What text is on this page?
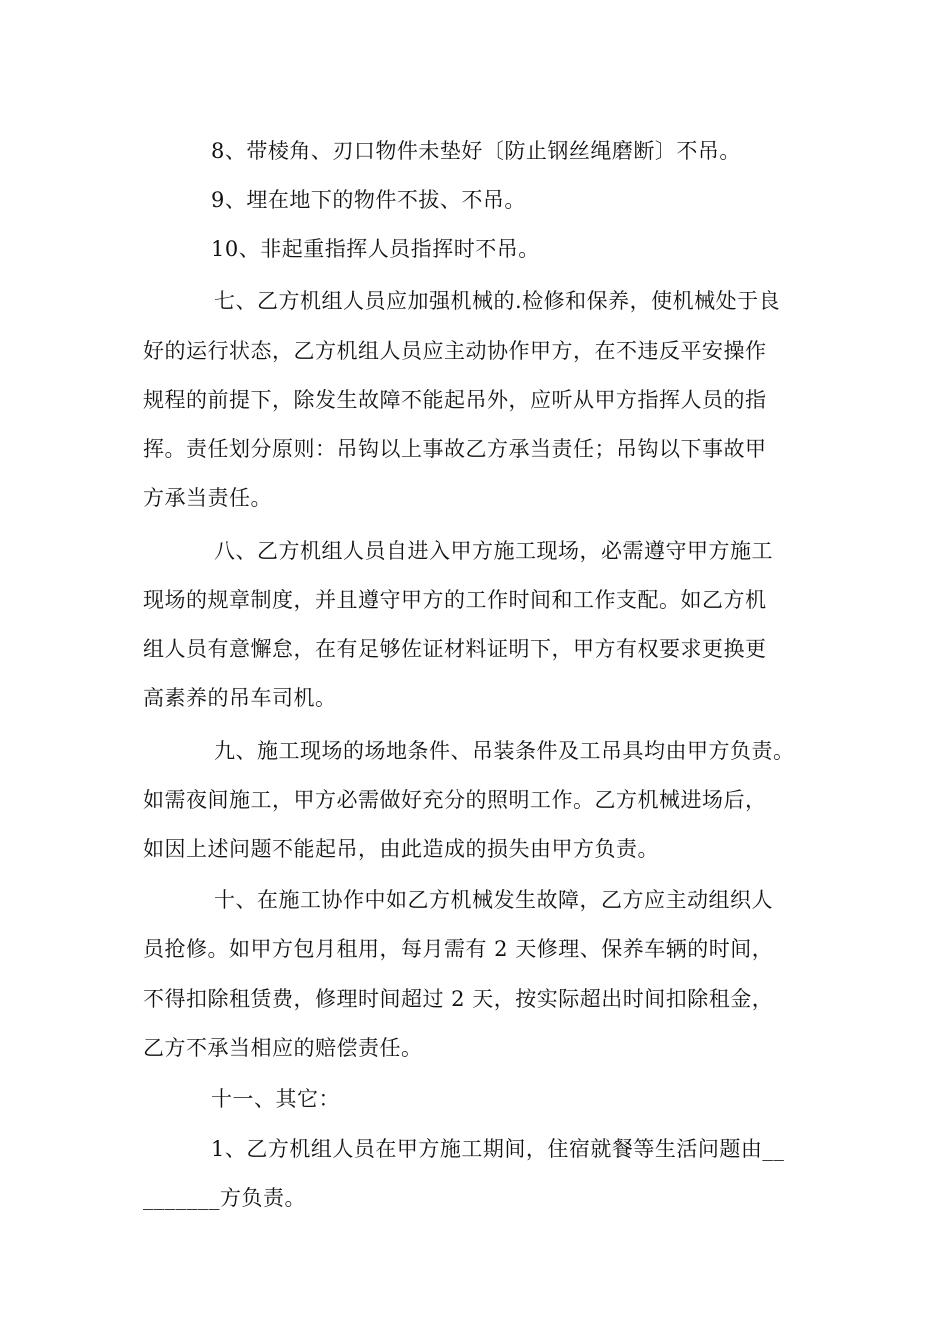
8、带棱角、刃口物件未垫好〔防止钢丝绳磨断〕不吊。
9、埋在地下的物件不拔、不吊。
10、非起重指挥人员指挥时不吊。
七、乙方机组人员应加强机械的.检修和保养，使机械处于良
好的运行状态，乙方机组人员应主动协作甲方，在不违反平安操作
规程的前提下，除发生故障不能起吊外，应听从甲方指挥人员的指
挥。责任划分原则：吊钩以上事故乙方承当责任；吊钩以下事故甲
方承当责任。
八、乙方机组人员自进入甲方施工现场，必需遵守甲方施工
现场的规章制度，并且遵守甲方的工作时间和工作支配。如乙方机
组人员有意懈怠，在有足够佐证材料证明下，甲方有权要求更换更
高素养的吊车司机。
九、施工现场的场地条件、吊装条件及工吊具均由甲方负责。
如需夜间施工，甲方必需做好充分的照明工作。乙方机械进场后，
如因上述问题不能起吊，由此造成的损失由甲方负责。
十、在施工协作中如乙方机械发生故障，乙方应主动组织人
员抢修。如甲方包月租用，每月需有 2 天修理、保养车辆的时间，
不得扣除租赁费，修理时间超过 2 天，按实际超出时间扣除租金，
乙方不承当相应的赔偿责任。
十一、其它：
1、乙方机组人员在甲方施工期间，住宿就餐等生活问题由__
_______方负责。
